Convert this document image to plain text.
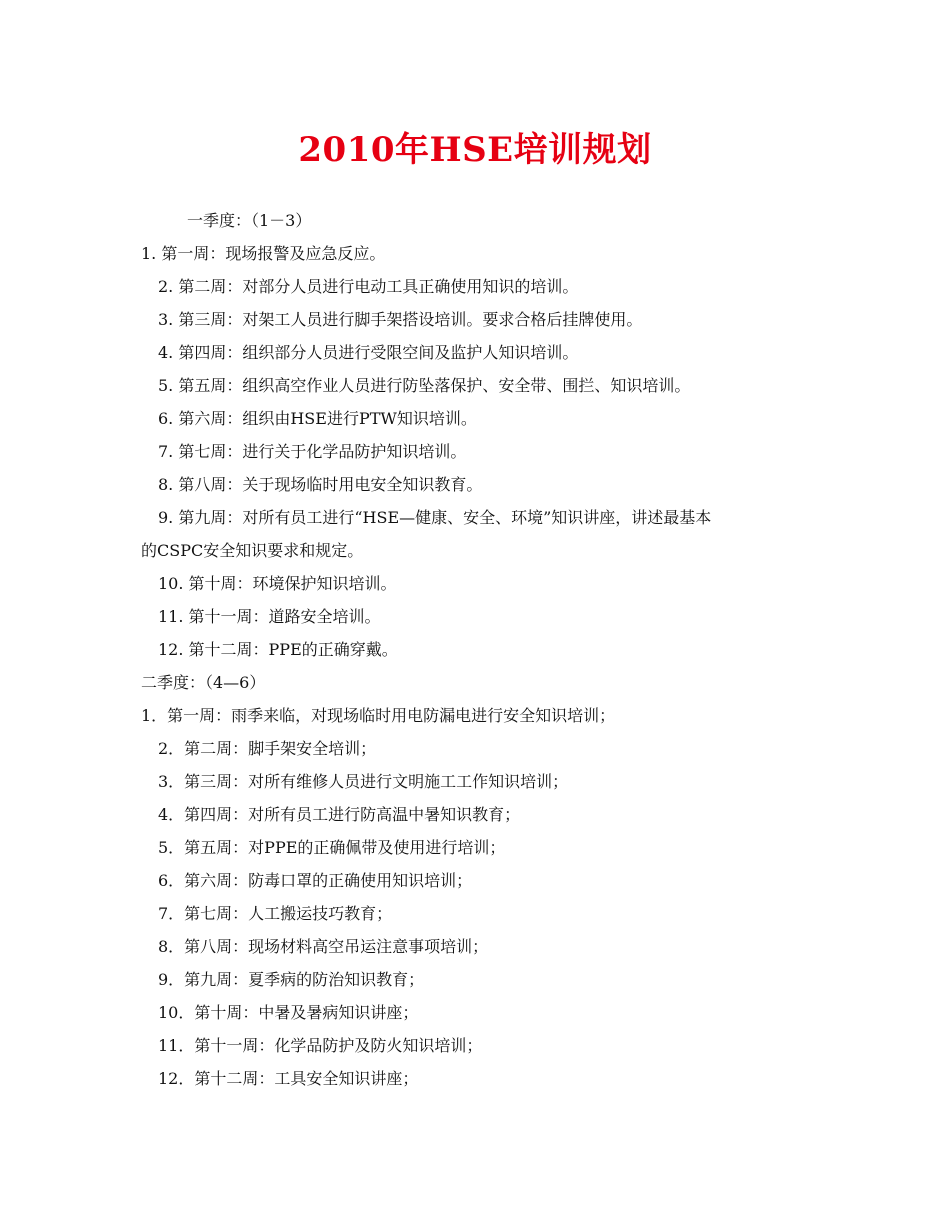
2010年HSE培训规划
一季度：（1－3）
1. 第一周：现场报警及应急反应。
2. 第二周：对部分人员进行电动工具正确使用知识的培训。
3. 第三周：对架工人员进行脚手架搭设培训。要求合格后挂牌使用。
4. 第四周：组织部分人员进行受限空间及监护人知识培训。
5. 第五周：组织高空作业人员进行防坠落保护、安全带、围拦、知识培训。
6. 第六周：组织由HSE进行PTW知识培训。
7. 第七周：进行关于化学品防护知识培训。
8. 第八周：关于现场临时用电安全知识教育。
9. 第九周：对所有员工进行“HSE—健康、安全、环境”知识讲座，讲述最基本
的CSPC安全知识要求和规定。
10. 第十周：环境保护知识培训。
11. 第十一周：道路安全培训。
12. 第十二周：PPE的正确穿戴。
二季度：（4—6）
1．第一周：雨季来临，对现场临时用电防漏电进行安全知识培训；
2．第二周：脚手架安全培训；
3．第三周：对所有维修人员进行文明施工工作知识培训；
4．第四周：对所有员工进行防高温中暑知识教育；
5．第五周：对PPE的正确佩带及使用进行培训；
6．第六周：防毒口罩的正确使用知识培训；
7．第七周：人工搬运技巧教育；
8．第八周：现场材料高空吊运注意事项培训；
9．第九周：夏季病的防治知识教育；
10．第十周：中暑及暑病知识讲座；
11．第十一周：化学品防护及防火知识培训；
12．第十二周：工具安全知识讲座；
